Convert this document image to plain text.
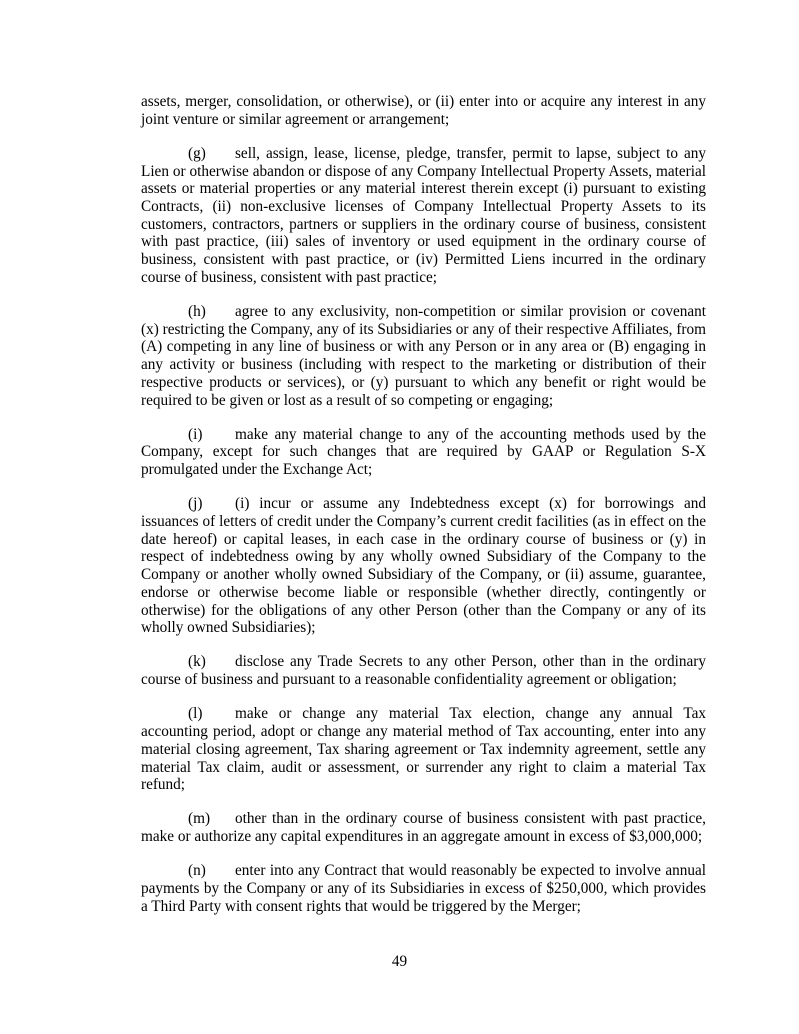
assets, merger, consolidation, or otherwise), or (ii) enter into or acquire any interest in any joint venture or similar agreement or arrangement;

(g) sell, assign, lease, license, pledge, transfer, permit to lapse, subject to any Lien or otherwise abandon or dispose of any Company Intellectual Property Assets, material assets or material properties or any material interest therein except (i) pursuant to existing Contracts, (ii) non-exclusive licenses of Company Intellectual Property Assets to its customers, contractors, partners or suppliers in the ordinary course of business, consistent with past practice, (iii) sales of inventory or used equipment in the ordinary course of business, consistent with past practice, or (iv) Permitted Liens incurred in the ordinary course of business, consistent with past practice;

(h) agree to any exclusivity, non-competition or similar provision or covenant (x) restricting the Company, any of its Subsidiaries or any of their respective Affiliates, from (A) competing in any line of business or with any Person or in any area or (B) engaging in any activity or business (including with respect to the marketing or distribution of their respective products or services), or (y) pursuant to which any benefit or right would be required to be given or lost as a result of so competing or engaging;

(i) make any material change to any of the accounting methods used by the Company, except for such changes that are required by GAAP or Regulation S-X promulgated under the Exchange Act;

(j) (i) incur or assume any Indebtedness except (x) for borrowings and issuances of letters of credit under the Company’s current credit facilities (as in effect on the date hereof) or capital leases, in each case in the ordinary course of business or (y) in respect of indebtedness owing by any wholly owned Subsidiary of the Company to the Company or another wholly owned Subsidiary of the Company, or (ii) assume, guarantee, endorse or otherwise become liable or responsible (whether directly, contingently or otherwise) for the obligations of any other Person (other than the Company or any of its wholly owned Subsidiaries);

(k) disclose any Trade Secrets to any other Person, other than in the ordinary course of business and pursuant to a reasonable confidentiality agreement or obligation;

(l) make or change any material Tax election, change any annual Tax accounting period, adopt or change any material method of Tax accounting, enter into any material closing agreement, Tax sharing agreement or Tax indemnity agreement, settle any material Tax claim, audit or assessment, or surrender any right to claim a material Tax refund;

(m) other than in the ordinary course of business consistent with past practice, make or authorize any capital expenditures in an aggregate amount in excess of $3,000,000;

(n) enter into any Contract that would reasonably be expected to involve annual payments by the Company or any of its Subsidiaries in excess of $250,000, which provides a Third Party with consent rights that would be triggered by the Merger;

49
